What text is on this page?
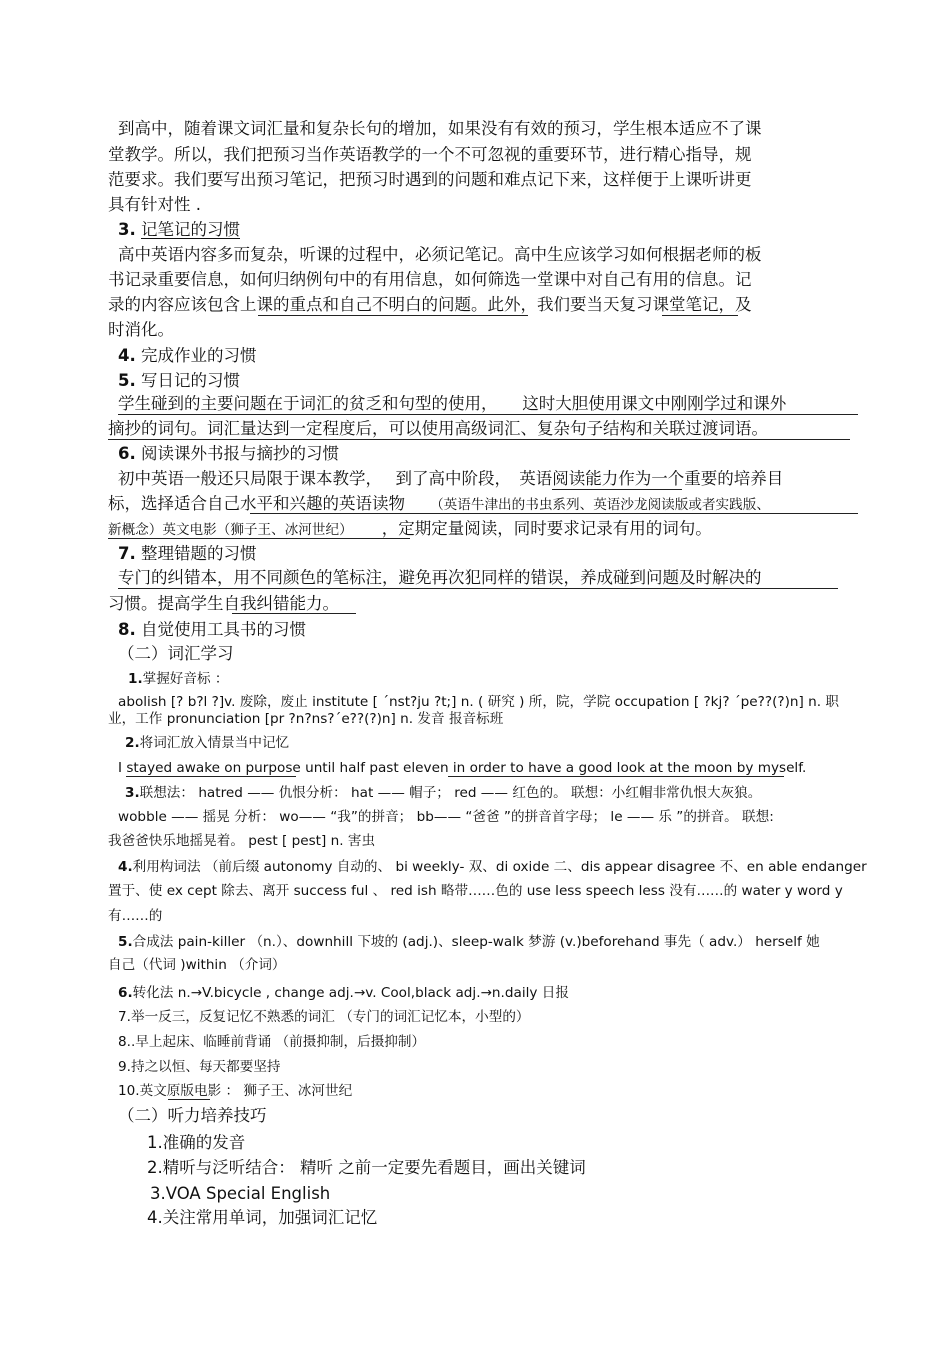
到高中，随着课文词汇量和复杂长句的增加，如果没有有效的预习，学生根本适应不了课
堂教学。所以，我们把预习当作英语教学的一个不可忽视的重要环节，进行精心指导，规
范要求。我们要写出预习笔记，把预习时遇到的问题和难点记下来，这样便于上课听讲更
具有针对性 .
3. 记笔记的习惯
高中英语内容多而复杂，听课的过程中，必须记笔记。高中生应该学习如何根据老师的板
书记录重要信息，如何归纳例句中的有用信息，如何筛选一堂课中对自己有用的信息。记
录的内容应该包含上课的重点和自己不明白的问题。此外，我们要当天复习课堂笔记，及
时消化。
4. 完成作业的习惯
5. 写日记的习惯
学生碰到的主要问题在于词汇的贫乏和句型的使用，　　这时大胆使用课文中刚刚学过和课外
摘抄的词句。词汇量达到一定程度后，可以使用高级词汇、复杂句子结构和关联过渡词语。
6. 阅读课外书报与摘抄的习惯
初中英语一般还只局限于课本教学，　 到了高中阶段，　英语阅读能力作为一个重要的培养目
标，选择适合自己水平和兴趣的英语读物 （英语牛津出的书虫系列、英语沙龙阅读版或者实践版、
新概念）英文电影（狮子王、冰河世纪） ，定期定量阅读，同时要求记录有用的词句。
7. 整理错题的习惯
专门的纠错本，用不同颜色的笔标注，避免再次犯同样的错误，养成碰到问题及时解决的
习惯。提高学生自我纠错能力。
8. 自觉使用工具书的习惯
（二）词汇学习
1.掌握好音标 ：
abolish [? b?l ?]v. 废除，废止 institute [ ˊnst?ju ?t;] n. ( 研究 ) 所，院，学院 occupation [ ?kj? ˊpe??(?)n] n. 职
业，工作 pronunciation [pr ?n?ns?ˊe??(?)n] n. 发音 报音标班
2.将词汇放入情景当中记忆
I stayed awake on purpose until half past eleven in order to have a good look at the moon by myself.
3.联想法： hatred —— 仇恨分析： hat —— 帽子； red —— 红色的。 联想：小红帽非常仇恨大灰狼。
wobble —— 摇晃 分析： wo—— “我”的拼音； bb—— “爸爸 ”的拼音首字母； le —— 乐 ”的拼音。 联想:
我爸爸快乐地摇晃着。 pest [ pest] n. 害虫
4.利用构词法 （前后缀 autonomy 自动的、 bi weekly- 双、di oxide 二、dis appear disagree 不、en able endanger
置于、使 ex cept 除去、离开 success ful 、 red ish 略带……色的 use less speech less 没有……的 water y word y
有……的
5.合成法 pain-killer （n.）、downhill 下坡的 (adj.)、sleep-walk 梦游 (v.)beforehand 事先（ adv.） herself 她
自己（代词 )within （介词）
6.转化法 n.→V.bicycle , change adj.→v. Cool,black adj.→n.daily 日报
7.举一反三，反复记忆不熟悉的词汇 （专门的词汇记忆本，小型的）
8..早上起床、临睡前背诵 （前摄抑制，后摄抑制）
9.持之以恒、每天都要坚持
10.英文原版电影 ： 狮子王、冰河世纪
（二）听力培养技巧
1.准确的发音
2.精听与泛听结合： 精听 之前一定要先看题目，画出关键词
3.VOA Special English
4.关注常用单词，加强词汇记忆
